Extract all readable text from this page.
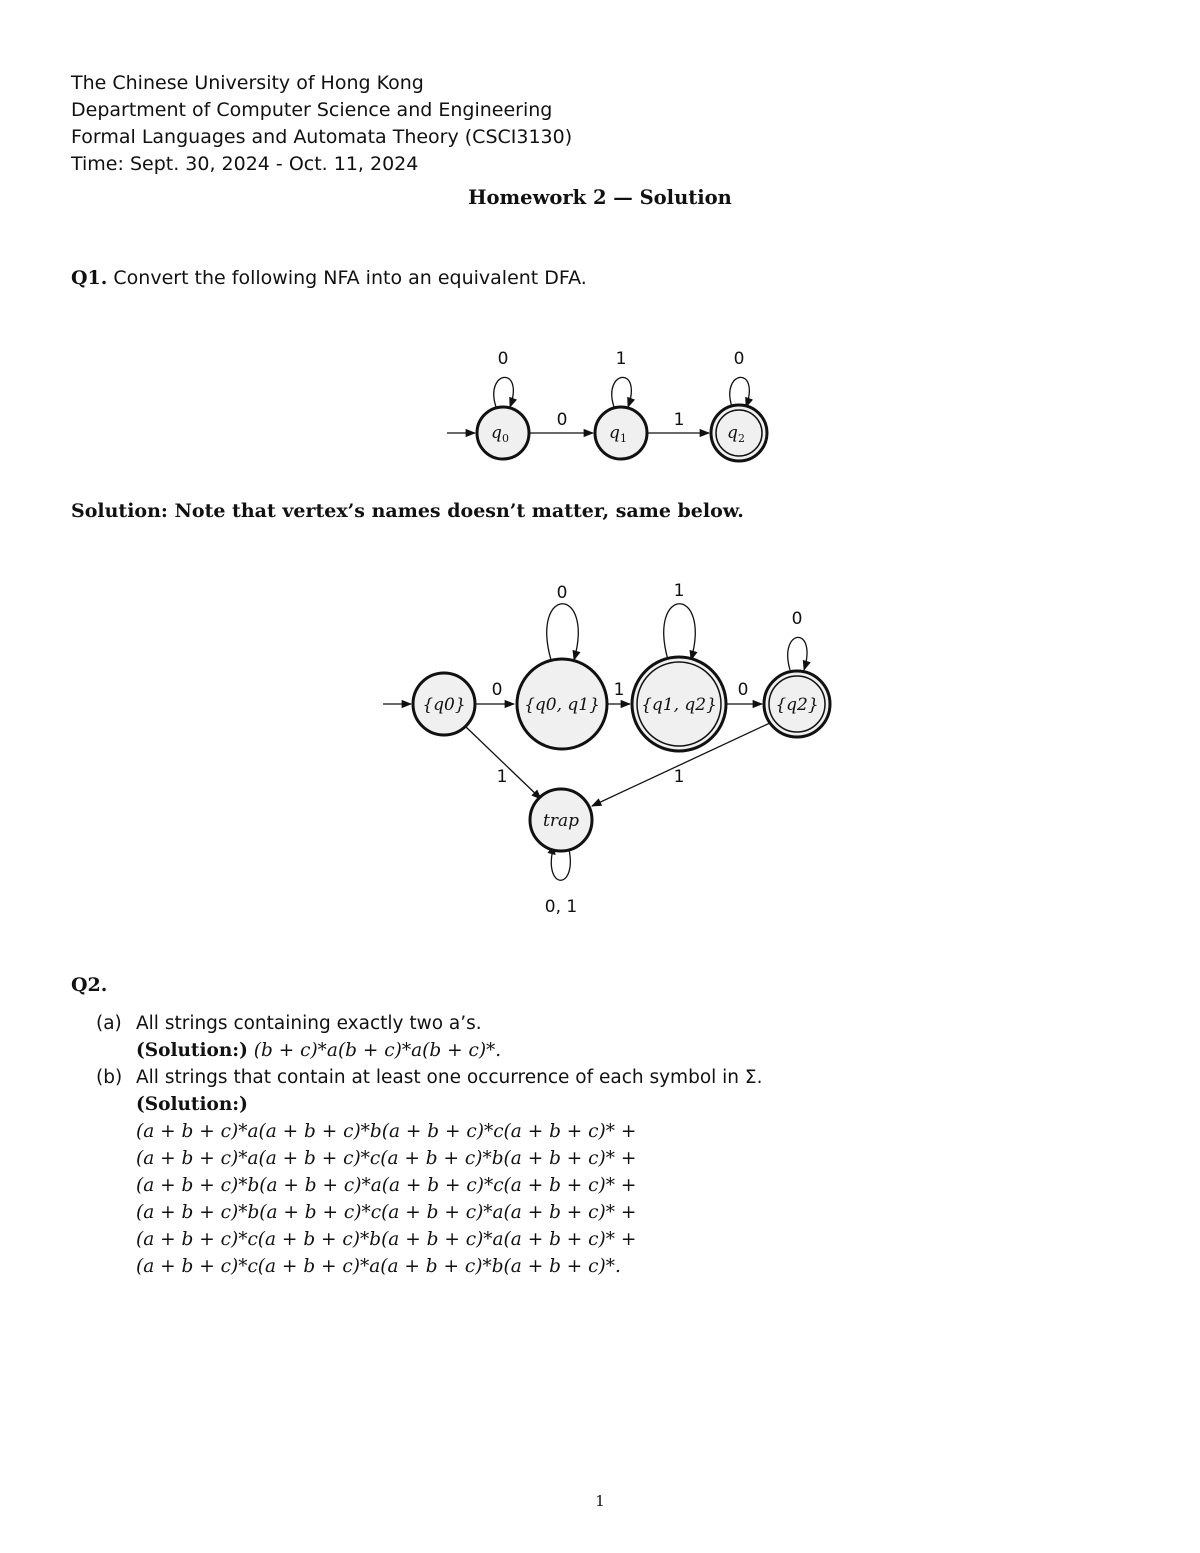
The Chinese University of Hong Kong
Department of Computer Science and Engineering
Formal Languages and Automata Theory (CSCI3130)
Time: Sept. 30, 2024 - Oct. 11, 2024
Homework 2 — Solution
Q1. Convert the following NFA into an equivalent DFA.
0	1	0
0	1
$q_0$	$q_1$	$q_2$
Solution: Note that vertex’s names doesn’t matter, same below.
0	1
0
0, 1
0	1	0
1	1
{q0}	{q0, q1} {q1, q2}	{q2}
trap
Q2.
(a) All strings containing exactly two a’s.
(Solution:) (b + c)*a(b + c)*a(b + c)*.
(b) All strings that contain at least one occurrence of each symbol in Σ.
(Solution:)
(a + b + c)*a(a + b + c)*b(a + b + c)*c(a + b + c)* +
(a + b + c)*a(a + b + c)*c(a + b + c)*b(a + b + c)* +
(a + b + c)*b(a + b + c)*a(a + b + c)*c(a + b + c)* +
(a + b + c)*b(a + b + c)*c(a + b + c)*a(a + b + c)* +
(a + b + c)*c(a + b + c)*b(a + b + c)*a(a + b + c)* +
(a + b + c)*c(a + b + c)*a(a + b + c)*b(a + b + c)*.
1
